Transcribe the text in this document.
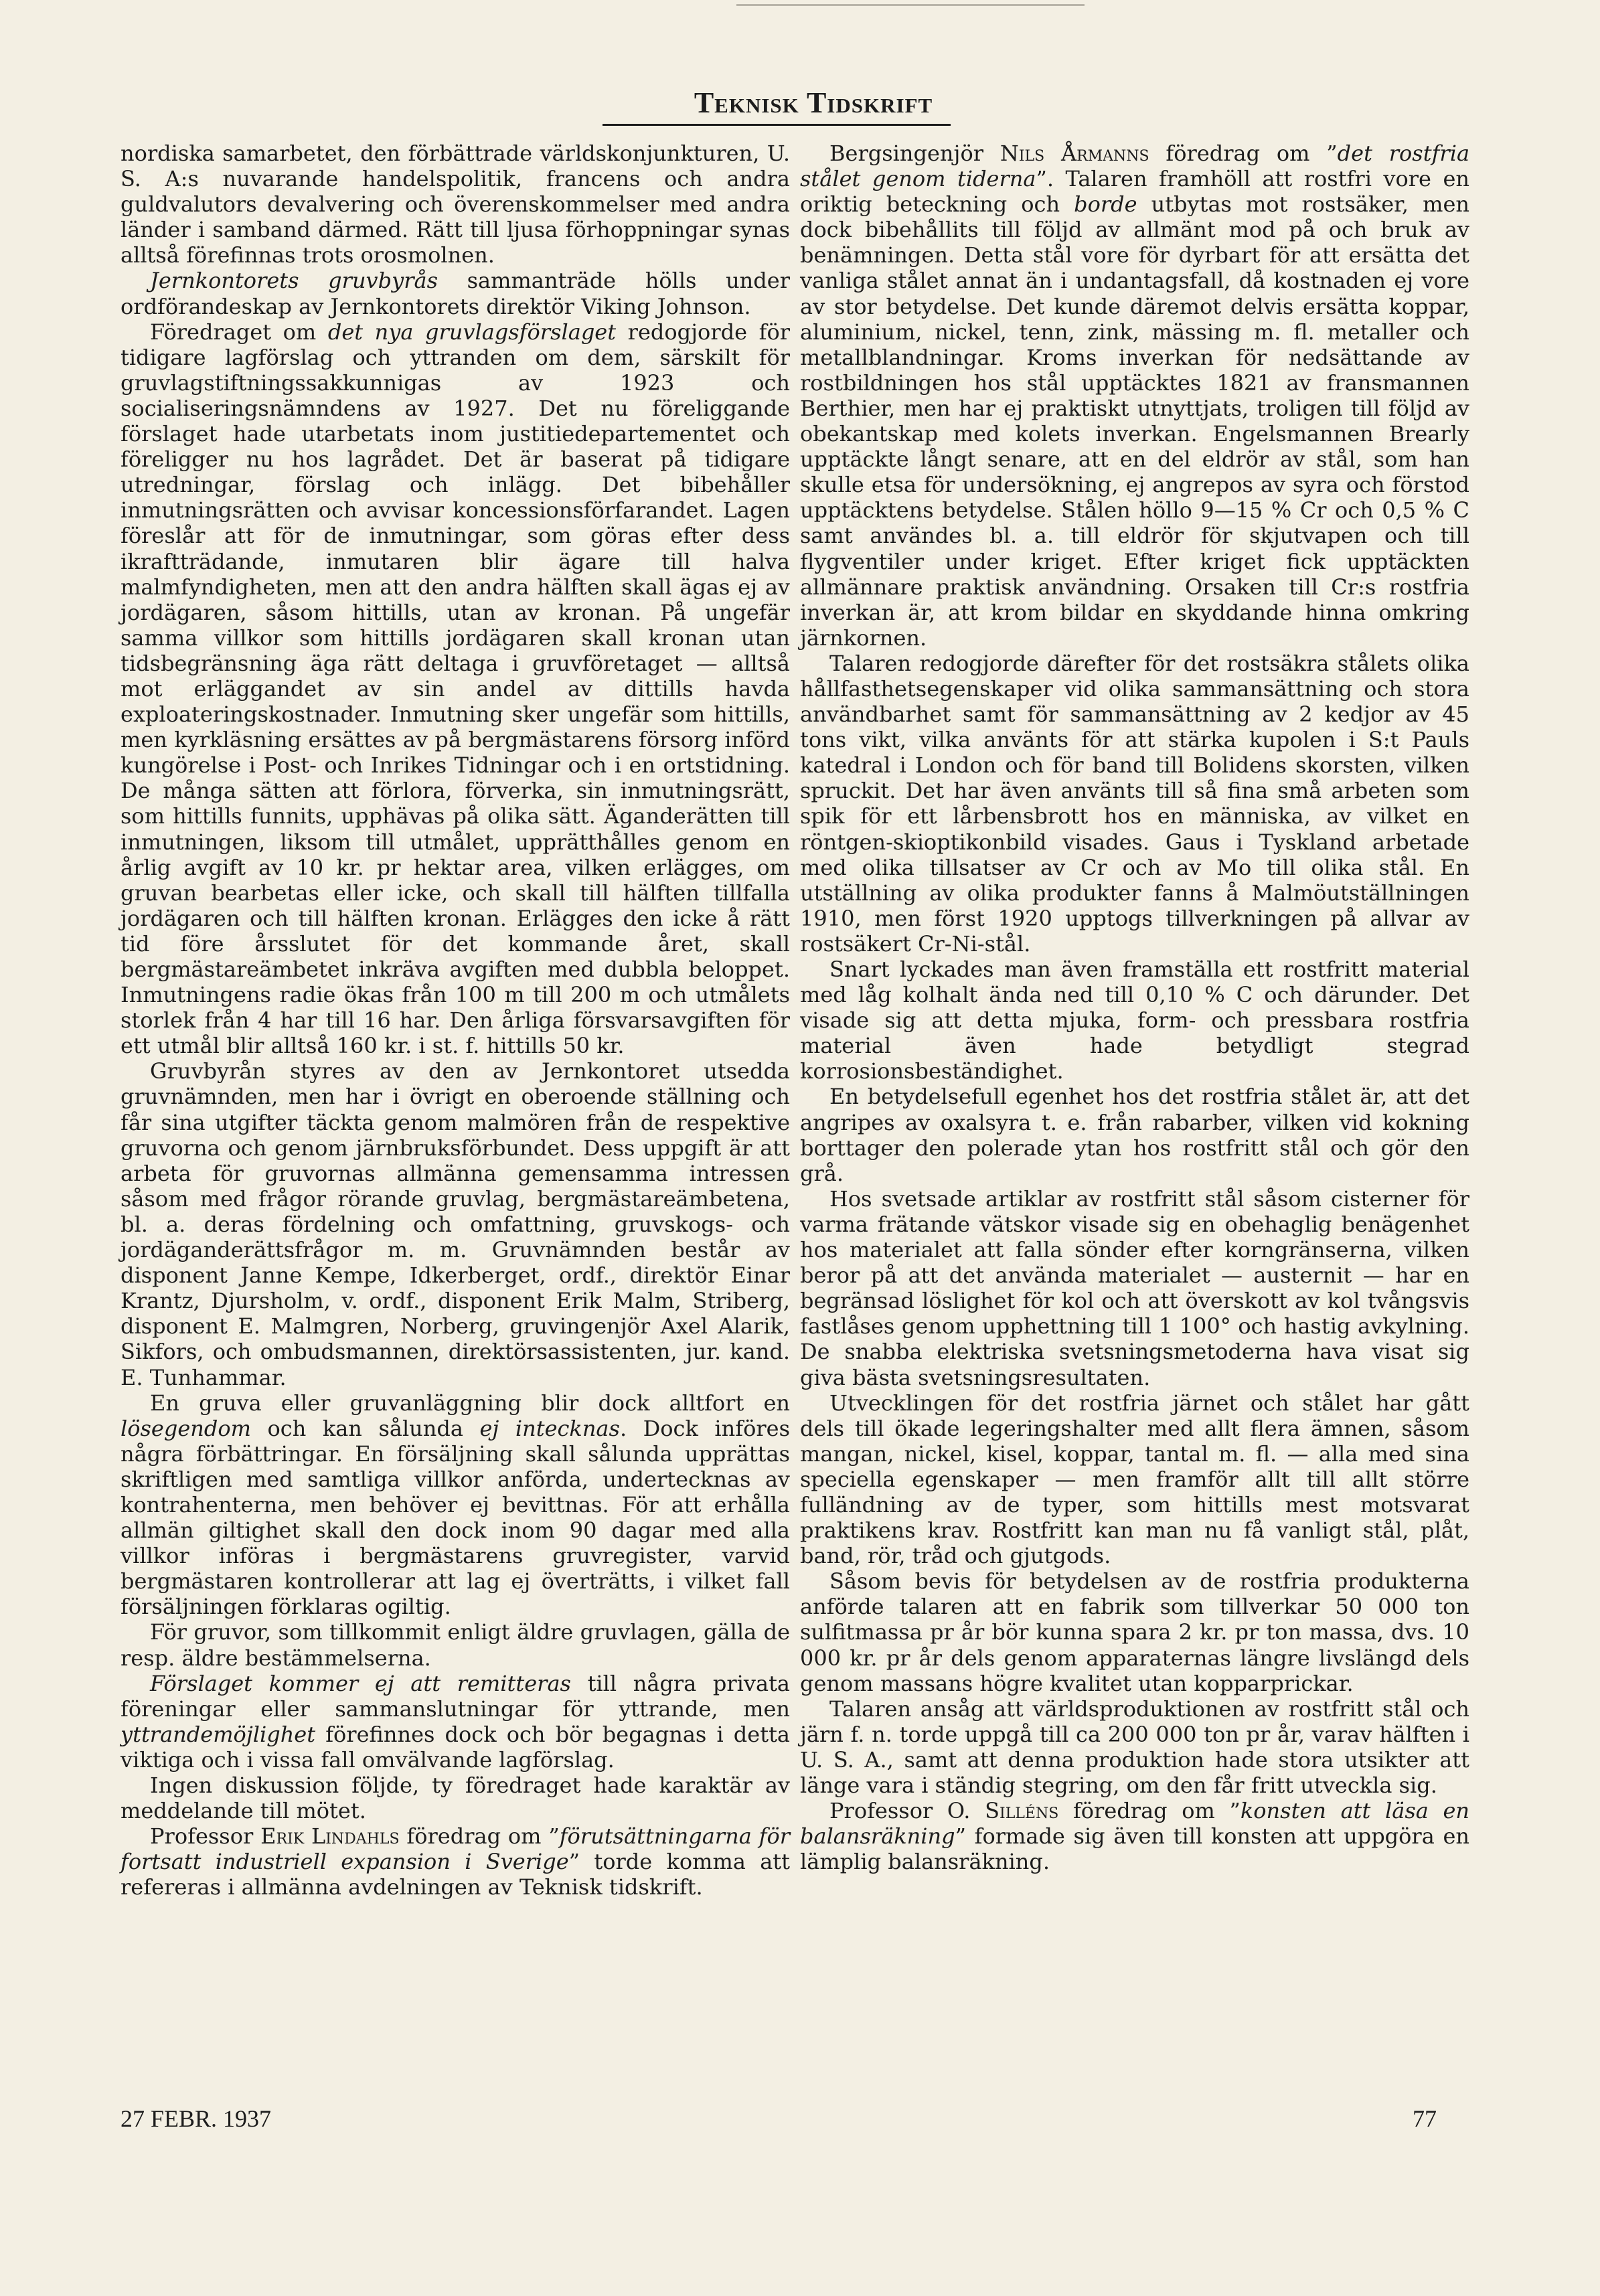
Teknisk Tidskrift

nordiska samarbetet, den förbättrade världskonjunkturen, U. S. A:s nuvarande handelspolitik, francens och andra guldvalutors devalvering och överenskommelser med andra länder i samband därmed. Rätt till ljusa förhoppningar synas alltså förefinnas trots orosmolnen.

Jernkontorets gruvbyrås sammanträde hölls under ordförandeskap av Jernkontorets direktör Viking Johnson.

Föredraget om det nya gruvlagsförslaget redogjorde för tidigare lagförslag och yttranden om dem, särskilt för gruvlagstiftningssakkunnigas av 1923 och socialiseringsnämndens av 1927. Det nu föreliggande förslaget hade utarbetats inom justitiedepartementet och föreligger nu hos lagrådet. Det är baserat på tidigare utredningar, förslag och inlägg. Det bibehåller inmutningsrätten och avvisar koncessionsförfarandet. Lagen föreslår att för de inmutningar, som göras efter dess ikraftträdande, inmutaren blir ägare till halva malmfyndigheten, men att den andra hälften skall ägas ej av jordägaren, såsom hittills, utan av kronan. På ungefär samma villkor som hittills jordägaren skall kronan utan tidsbegränsning äga rätt deltaga i gruvföretaget — alltså mot erläggandet av sin andel av dittills havda exploateringskostnader. Inmutning sker ungefär som hittills, men kyrkläsning ersättes av på bergmästarens försorg införd kungörelse i Post- och Inrikes Tidningar och i en ortstidning. De många sätten att förlora, förverka, sin inmutningsrätt, som hittills funnits, upphävas på olika sätt. Äganderätten till inmutningen, liksom till utmålet, upprätthålles genom en årlig avgift av 10 kr. pr hektar area, vilken erlägges, om gruvan bearbetas eller icke, och skall till hälften tillfalla jordägaren och till hälften kronan. Erlägges den icke å rätt tid före årsslutet för det kommande året, skall bergmästareämbetet inkräva avgiften med dubbla beloppet. Inmutningens radie ökas från 100 m till 200 m och utmålets storlek från 4 har till 16 har. Den årliga försvarsavgiften för ett utmål blir alltså 160 kr. i st. f. hittills 50 kr.

Gruvbyrån styres av den av Jernkontoret utsedda gruvnämnden, men har i övrigt en oberoende ställning och får sina utgifter täckta genom malmören från de respektive gruvorna och genom järnbruksförbundet. Dess uppgift är att arbeta för gruvornas allmänna gemensamma intressen såsom med frågor rörande gruvlag, bergmästareämbetena, bl. a. deras fördelning och omfattning, gruvskogs- och jordäganderättsfrågor m. m. Gruvnämnden består av disponent Janne Kempe, Idkerberget, ordf., direktör Einar Krantz, Djursholm, v. ordf., disponent Erik Malm, Striberg, disponent E. Malmgren, Norberg, gruvingenjör Axel Alarik, Sikfors, och ombudsmannen, direktörsassistenten, jur. kand. E. Tunhammar.

En gruva eller gruvanläggning blir dock alltfort en lösegendom och kan sålunda ej intecknas. Dock införes några förbättringar. En försäljning skall sålunda upprättas skriftligen med samtliga villkor anförda, undertecknas av kontrahenterna, men behöver ej bevittnas. För att erhålla allmän giltighet skall den dock inom 90 dagar med alla villkor införas i bergmästarens gruvregister, varvid bergmästaren kontrollerar att lag ej överträtts, i vilket fall försäljningen förklaras ogiltig.

För gruvor, som tillkommit enligt äldre gruvlagen, gälla de resp. äldre bestämmelserna.

Förslaget kommer ej att remitteras till några privata föreningar eller sammanslutningar för yttrande, men yttrandemöjlighet förefinnes dock och bör begagnas i detta viktiga och i vissa fall omvälvande lagförslag.

Ingen diskussion följde, ty föredraget hade karaktär av meddelande till mötet.

Professor Erik Lindahls föredrag om ”förutsättningarna för fortsatt industriell expansion i Sverige” torde komma att refereras i allmänna avdelningen av Teknisk tidskrift.

Bergsingenjör Nils Årmanns föredrag om ”det rostfria stålet genom tiderna”. Talaren framhöll att rostfri vore en oriktig beteckning och borde utbytas mot rostsäker, men dock bibehållits till följd av allmänt mod på och bruk av benämningen. Detta stål vore för dyrbart för att ersätta det vanliga stålet annat än i undantagsfall, då kostnaden ej vore av stor betydelse. Det kunde däremot delvis ersätta koppar, aluminium, nickel, tenn, zink, mässing m. fl. metaller och metallblandningar. Kroms inverkan för nedsättande av rostbildningen hos stål upptäcktes 1821 av fransmannen Berthier, men har ej praktiskt utnyttjats, troligen till följd av obekantskap med kolets inverkan. Engelsmannen Brearly upptäckte långt senare, att en del eldrör av stål, som han skulle etsa för undersökning, ej angrepos av syra och förstod upptäcktens betydelse. Stålen höllo 9—15 % Cr och 0,5 % C samt användes bl. a. till eldrör för skjutvapen och till flygventiler under kriget. Efter kriget fick upptäckten allmännare praktisk användning. Orsaken till Cr:s rostfria inverkan är, att krom bildar en skyddande hinna omkring järnkornen.

Talaren redogjorde därefter för det rostsäkra stålets olika hållfasthetsegenskaper vid olika sammansättning och stora användbarhet samt för sammansättning av 2 kedjor av 45 tons vikt, vilka använts för att stärka kupolen i S:t Pauls katedral i London och för band till Bolidens skorsten, vilken spruckit. Det har även använts till så fina små arbeten som spik för ett lårbensbrott hos en människa, av vilket en röntgen-skioptikonbild visades. Gaus i Tyskland arbetade med olika tillsatser av Cr och av Mo till olika stål. En utställning av olika produkter fanns å Malmöutställningen 1910, men först 1920 upptogs tillverkningen på allvar av rostsäkert Cr-Ni-stål.

Snart lyckades man även framställa ett rostfritt material med låg kolhalt ända ned till 0,10 % C och därunder. Det visade sig att detta mjuka, form- och pressbara rostfria material även hade betydligt stegrad korrosionsbeständighet.

En betydelsefull egenhet hos det rostfria stålet är, att det angripes av oxalsyra t. e. från rabarber, vilken vid kokning borttager den polerade ytan hos rostfritt stål och gör den grå.

Hos svetsade artiklar av rostfritt stål såsom cisterner för varma frätande vätskor visade sig en obehaglig benägenhet hos materialet att falla sönder efter korngränserna, vilken beror på att det använda materialet — austernit — har en begränsad löslighet för kol och att överskott av kol tvångsvis fastlåses genom upphettning till 1 100° och hastig avkylning. De snabba elektriska svetsningsmetoderna hava visat sig giva bästa svetsningsresultaten.

Utvecklingen för det rostfria järnet och stålet har gått dels till ökade legeringshalter med allt flera ämnen, såsom mangan, nickel, kisel, koppar, tantal m. fl. — alla med sina speciella egenskaper — men framför allt till allt större fulländning av de typer, som hittills mest motsvarat praktikens krav. Rostfritt kan man nu få vanligt stål, plåt, band, rör, tråd och gjutgods.

Såsom bevis för betydelsen av de rostfria produkterna anförde talaren att en fabrik som tillverkar 50 000 ton sulfitmassa pr år bör kunna spara 2 kr. pr ton massa, dvs. 10 000 kr. pr år dels genom apparaternas längre livslängd dels genom massans högre kvalitet utan kopparprickar.

Talaren ansåg att världsproduktionen av rostfritt stål och järn f. n. torde uppgå till ca 200 000 ton pr år, varav hälften i U. S. A., samt att denna produktion hade stora utsikter att länge vara i ständig stegring, om den får fritt utveckla sig.

Professor O. Silléns föredrag om ”konsten att läsa en balansräkning” formade sig även till konsten att uppgöra en lämplig balansräkning.

27 FEBR. 1937	77
